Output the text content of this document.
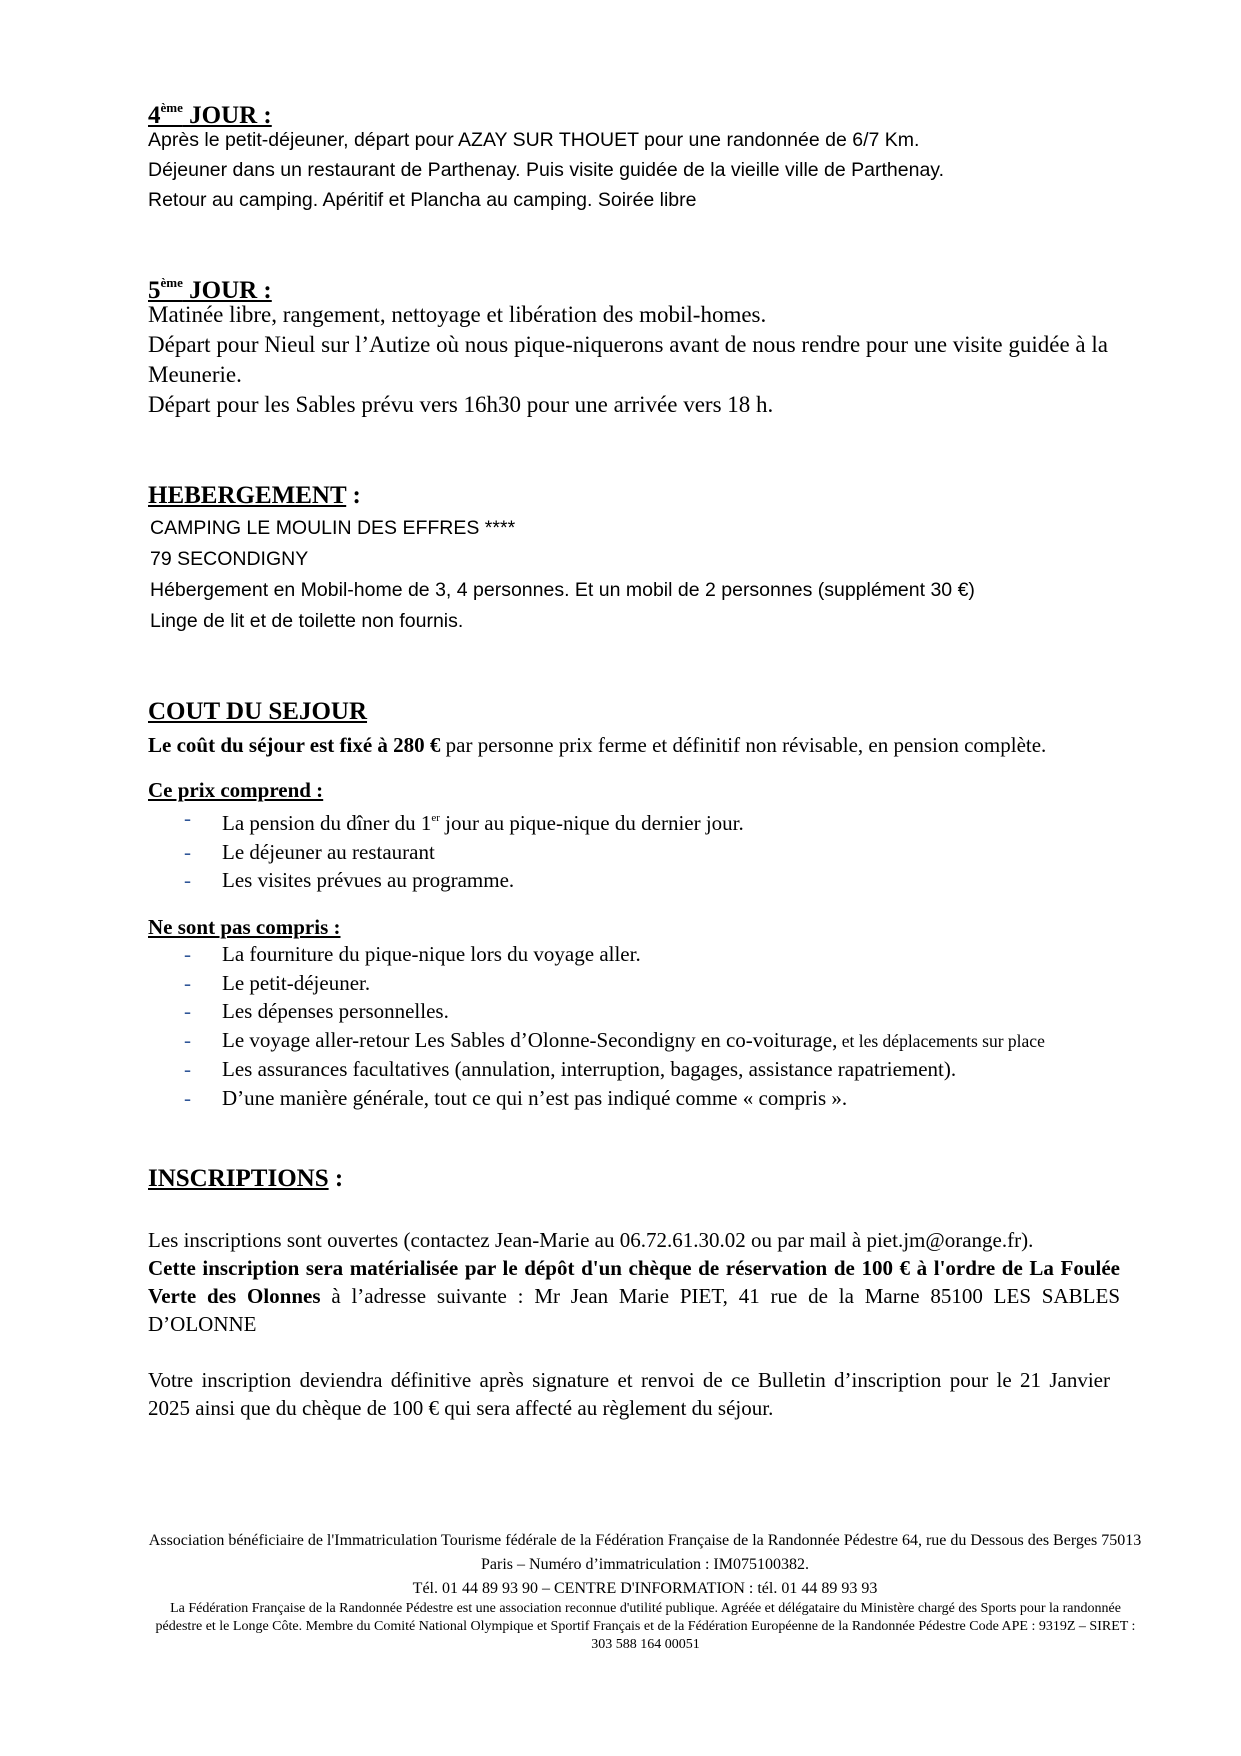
4ème JOUR :
Après le petit-déjeuner, départ pour AZAY SUR THOUET pour une randonnée de 6/7 Km.
Déjeuner dans un restaurant de Parthenay. Puis visite guidée de la vieille ville de Parthenay.
Retour au camping. Apéritif et Plancha au camping. Soirée libre
5ème JOUR :
Matinée libre, rangement, nettoyage et libération des mobil-homes.
Départ pour Nieul sur l’Autize où nous pique-niquerons avant de nous rendre pour une visite guidée à la Meunerie.
Départ pour les Sables prévu vers 16h30 pour une arrivée vers 18 h.
HEBERGEMENT :
CAMPING LE MOULIN DES EFFRES ****
79 SECONDIGNY
Hébergement en Mobil-home de 3, 4 personnes. Et un mobil de 2 personnes (supplément 30 €)
Linge de lit et de toilette non fournis.
COUT DU SEJOUR
Le coût du séjour est fixé à 280 € par personne prix ferme et définitif non révisable, en pension complète.
Ce prix comprend :
- La pension du dîner du 1er jour au pique-nique du dernier jour.
- Le déjeuner au restaurant
- Les visites prévues au programme.
Ne sont pas compris :
- La fourniture du pique-nique lors du voyage aller.
- Le petit-déjeuner.
- Les dépenses personnelles.
- Le voyage aller-retour Les Sables d’Olonne-Secondigny en co-voiturage, et les déplacements sur place
- Les assurances facultatives (annulation, interruption, bagages, assistance rapatriement).
- D’une manière générale, tout ce qui n’est pas indiqué comme « compris ».
INSCRIPTIONS :
Les inscriptions sont ouvertes (contactez Jean-Marie au 06.72.61.30.02 ou par mail à piet.jm@orange.fr).
Cette inscription sera matérialisée par le dépôt d'un chèque de réservation de 100 € à l'ordre de La Foulée Verte des Olonnes à l’adresse suivante : Mr Jean Marie PIET, 41 rue de la Marne 85100 LES SABLES D’OLONNE
Votre inscription deviendra définitive après signature et renvoi de ce Bulletin d’inscription pour le 21 Janvier 2025 ainsi que du chèque de 100 € qui sera affecté au règlement du séjour.
Association bénéficiaire de l'Immatriculation Tourisme fédérale de la Fédération Française de la Randonnée Pédestre 64, rue du Dessous des Berges 75013 Paris – Numéro d’immatriculation : IM075100382.
Tél. 01 44 89 93 90 – CENTRE D'INFORMATION : tél. 01 44 89 93 93
La Fédération Française de la Randonnée Pédestre est une association reconnue d'utilité publique. Agréée et délégataire du Ministère chargé des Sports pour la randonnée pédestre et le Longe Côte. Membre du Comité National Olympique et Sportif Français et de la Fédération Européenne de la Randonnée Pédestre Code APE : 9319Z – SIRET : 303 588 164 00051
